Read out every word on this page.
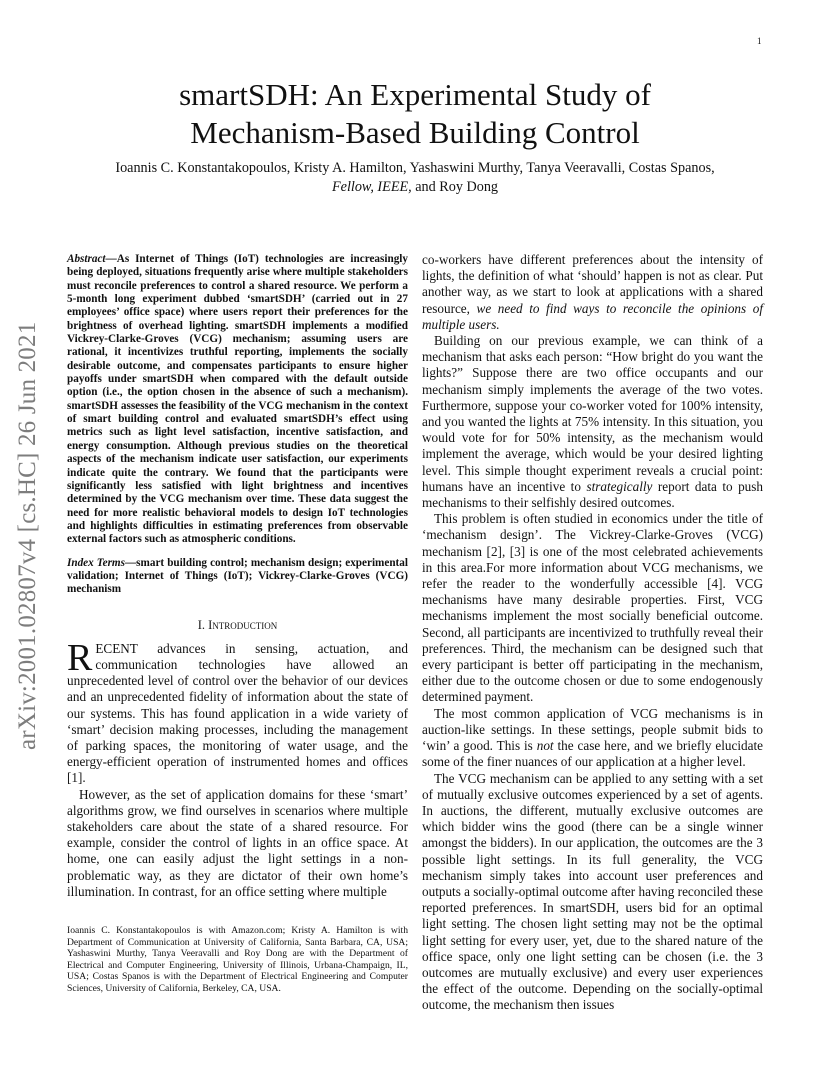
1
arXiv:2001.02807v4 [cs.HC] 26 Jun 2021
smartSDH: An Experimental Study of
Mechanism-Based Building Control
Ioannis C. Konstantakopoulos, Kristy A. Hamilton, Yashaswini Murthy, Tanya Veeravalli, Costas Spanos, Fellow, IEEE, and Roy Dong
Abstract—As Internet of Things (IoT) technologies are increasingly being deployed, situations frequently arise where multiple stakeholders must reconcile preferences to control a shared resource. We perform a 5-month long experiment dubbed ‘smartSDH’ (carried out in 27 employees’ office space) where users report their preferences for the brightness of overhead lighting. smartSDH implements a modified Vickrey-Clarke-Groves (VCG) mechanism; assuming users are rational, it incentivizes truthful reporting, implements the socially desirable outcome, and compensates participants to ensure higher payoffs under smartSDH when compared with the default outside option (i.e., the option chosen in the absence of such a mechanism). smartSDH assesses the feasibility of the VCG mechanism in the context of smart building control and evaluated smartSDH’s effect using metrics such as light level satisfaction, incentive satisfaction, and energy consumption. Although previous studies on the theoretical aspects of the mechanism indicate user satisfaction, our experiments indicate quite the contrary. We found that the participants were significantly less satisfied with light brightness and incentives determined by the VCG mechanism over time. These data suggest the need for more realistic behavioral models to design IoT technologies and highlights difficulties in estimating preferences from observable external factors such as atmospheric conditions.
Index Terms—smart building control; mechanism design; experimental validation; Internet of Things (IoT); Vickrey-Clarke-Groves (VCG) mechanism
I. Introduction

RECENT advances in sensing, actuation, and communication technologies have allowed an unprecedented level of control over the behavior of our devices and an unprecedented fidelity of information about the state of our systems. This has found application in a wide variety of ‘smart’ decision making processes, including the management of parking spaces, the monitoring of water usage, and the energy-efficient operation of instrumented homes and offices [1].

However, as the set of application domains for these ‘smart’ algorithms grow, we find ourselves in scenarios where multiple stakeholders care about the state of a shared resource. For example, consider the control of lights in an office space. At home, one can easily adjust the light settings in a non-problematic way, as they are dictator of their own home’s illumination. In contrast, for an office setting where multiple

Ioannis C. Konstantakopoulos is with Amazon.com; Kristy A. Hamilton is with Department of Communication at University of California, Santa Barbara, CA, USA; Yashaswini Murthy, Tanya Veeravalli and Roy Dong are with the Department of Electrical and Computer Engineering, University of Illinois, Urbana-Champaign, IL, USA; Costas Spanos is with the Department of Electrical Engineering and Computer Sciences, University of California, Berkeley, CA, USA.

co-workers have different preferences about the intensity of lights, the definition of what ‘should’ happen is not as clear. Put another way, as we start to look at applications with a shared resource, we need to find ways to reconcile the opinions of multiple users.

Building on our previous example, we can think of a mechanism that asks each person: “How bright do you want the lights?” Suppose there are two office occupants and our mechanism simply implements the average of the two votes. Furthermore, suppose your co-worker voted for 100% intensity, and you wanted the lights at 75% intensity. In this situation, you would vote for for 50% intensity, as the mechanism would implement the average, which would be your desired lighting level. This simple thought experiment reveals a crucial point: humans have an incentive to strategically report data to push mechanisms to their selfishly desired outcomes.

This problem is often studied in economics under the title of ‘mechanism design’. The Vickrey-Clarke-Groves (VCG) mechanism [2], [3] is one of the most celebrated achievements in this area.For more information about VCG mechanisms, we refer the reader to the wonderfully accessible [4]. VCG mechanisms have many desirable properties. First, VCG mechanisms implement the most socially beneficial outcome. Second, all participants are incentivized to truthfully reveal their preferences. Third, the mechanism can be designed such that every participant is better off participating in the mechanism, either due to the outcome chosen or due to some endogenously determined payment.

The most common application of VCG mechanisms is in auction-like settings. In these settings, people submit bids to ‘win’ a good. This is not the case here, and we briefly elucidate some of the finer nuances of our application at a higher level.

The VCG mechanism can be applied to any setting with a set of mutually exclusive outcomes experienced by a set of agents. In auctions, the different, mutually exclusive outcomes are which bidder wins the good (there can be a single winner amongst the bidders). In our application, the outcomes are the 3 possible light settings. In its full generality, the VCG mechanism simply takes into account user preferences and outputs a socially-optimal outcome after having reconciled these reported preferences. In smartSDH, users bid for an optimal light setting. The chosen light setting may not be the optimal light setting for every user, yet, due to the shared nature of the office space, only one light setting can be chosen (i.e. the 3 outcomes are mutually exclusive) and every user experiences the effect of the outcome. Depending on the socially-optimal outcome, the mechanism then issues
